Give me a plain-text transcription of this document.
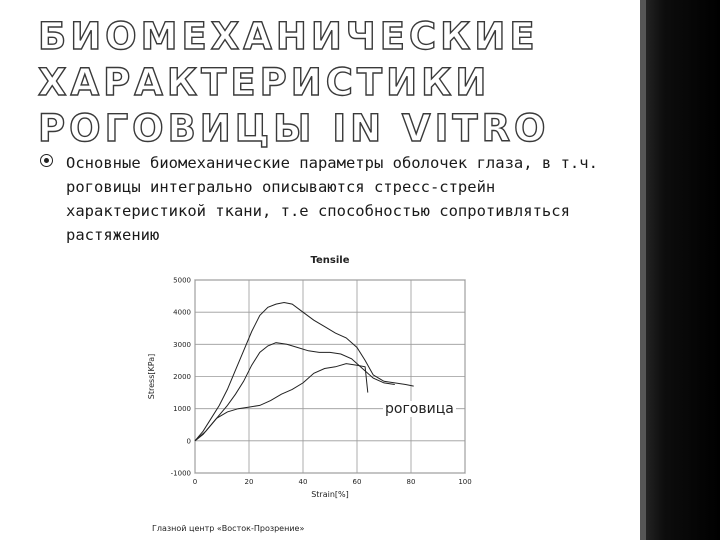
БИОМЕХАНИЧЕСКИЕ ХАРАКТЕРИСТИКИ РОГОВИЦЫ IN VITRO
Основные биомеханические параметры оболочек глаза, в т.ч. роговицы интегрально описываются стресс-стрейн характеристикой ткани, т.е способностью сопротивляться растяжению
0	20	40	60	80	100
-1000
0
1000
2000
3000
4000
5000
Tensile
Strain[%]
Stress[KPa]
роговица
Глазной центр «Восток-Прозрение»
